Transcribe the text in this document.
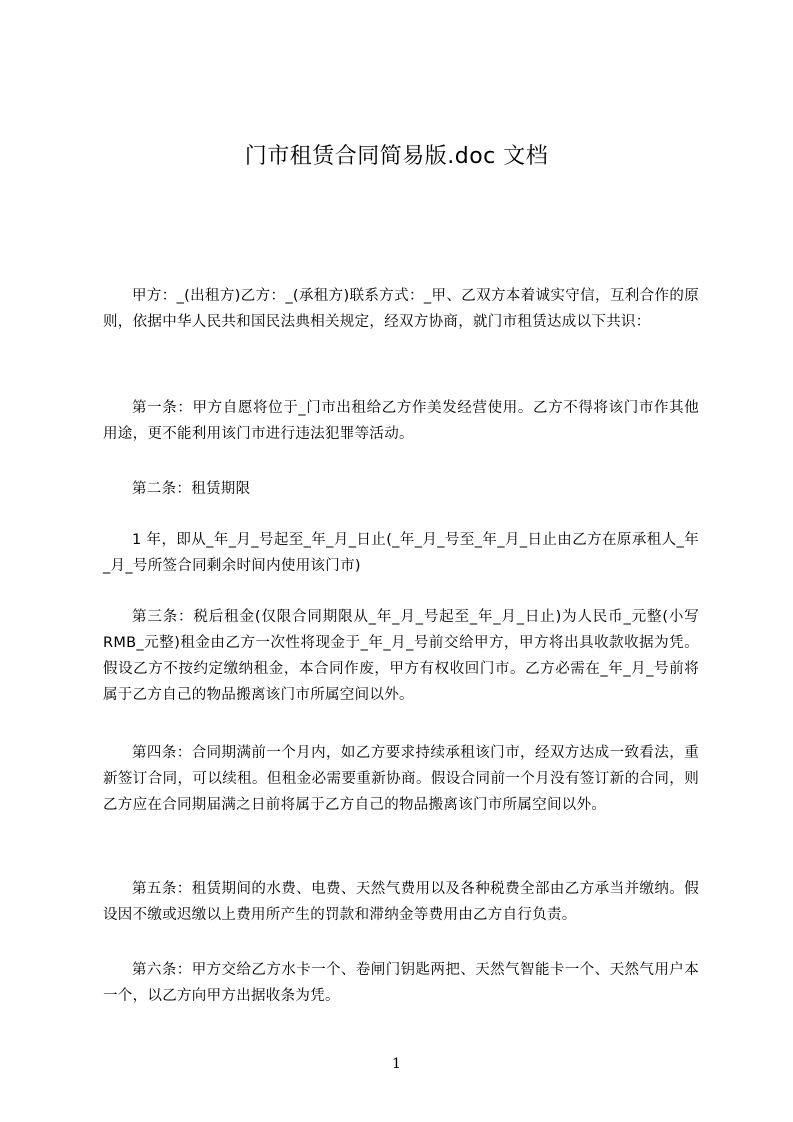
门市租赁合同简易版.doc 文档

甲方：_(出租方)乙方：_(承租方)联系方式：_甲、乙双方本着诚实守信，互利合作的原则，依据中华人民共和国民法典相关规定，经双方协商，就门市租赁达成以下共识：

第一条：甲方自愿将位于_门市出租给乙方作美发经营使用。乙方不得将该门市作其他用途，更不能利用该门市进行违法犯罪等活动。

第二条：租赁期限

1 年，即从_年_月_号起至_年_月_日止(_年_月_号至_年_月_日止由乙方在原承租人_年_月_号所签合同剩余时间内使用该门市)

第三条：税后租金(仅限合同期限从_年_月_号起至_年_月_日止)为人民币_元整(小写 RMB_元整)租金由乙方一次性将现金于_年_月_号前交给甲方，甲方将出具收款收据为凭。假设乙方不按约定缴纳租金，本合同作废，甲方有权收回门市。乙方必需在_年_月_号前将属于乙方自己的物品搬离该门市所属空间以外。

第四条：合同期满前一个月内，如乙方要求持续承租该门市，经双方达成一致看法，重新签订合同，可以续租。但租金必需要重新协商。假设合同前一个月没有签订新的合同，则乙方应在合同期届满之日前将属于乙方自己的物品搬离该门市所属空间以外。

第五条：租赁期间的水费、电费、天然气费用以及各种税费全部由乙方承当并缴纳。假设因不缴或迟缴以上费用所产生的罚款和滞纳金等费用由乙方自行负责。

第六条：甲方交给乙方水卡一个、卷闸门钥匙两把、天然气智能卡一个、天然气用户本一个，以乙方向甲方出据收条为凭。

1
